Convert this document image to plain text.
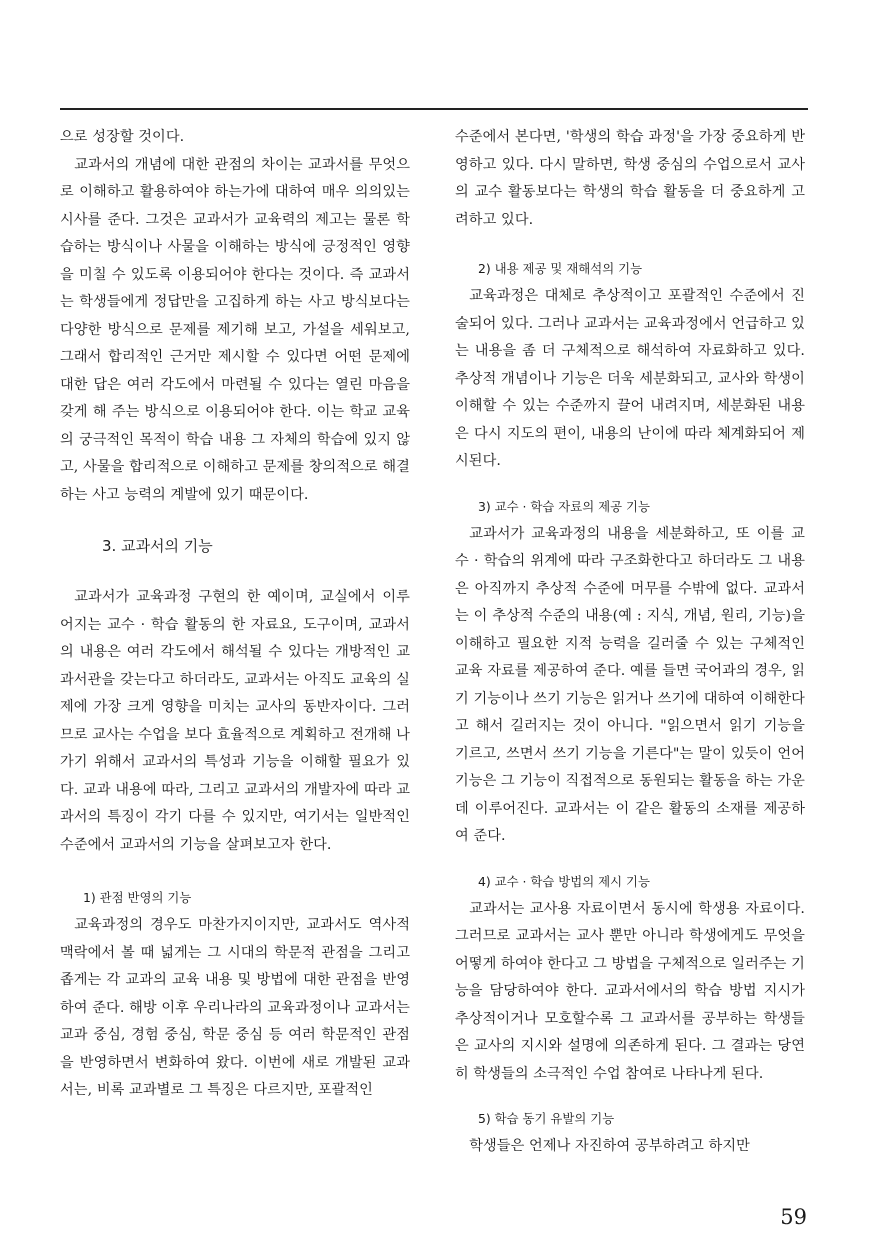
으로 성장할 것이다.

교과서의 개념에 대한 관점의 차이는 교과서를 무엇으로 이해하고 활용하여야 하는가에 대하여 매우 의의있는 시사를 준다. 그것은 교과서가 교육력의 제고는 물론 학습하는 방식이나 사물을 이해하는 방식에 긍정적인 영향을 미칠 수 있도록 이용되어야 한다는 것이다. 즉 교과서는 학생들에게 정답만을 고집하게 하는 사고 방식보다는 다양한 방식으로 문제를 제기해 보고, 가설을 세워보고, 그래서 합리적인 근거만 제시할 수 있다면 어떤 문제에 대한 답은 여러 각도에서 마련될 수 있다는 열린 마음을 갖게 해 주는 방식으로 이용되어야 한다. 이는 학교 교육의 궁극적인 목적이 학습 내용 그 자체의 학습에 있지 않고, 사물을 합리적으로 이해하고 문제를 창의적으로 해결하는 사고 능력의 계발에 있기 때문이다.

3. 교과서의 기능

교과서가 교육과정 구현의 한 예이며, 교실에서 이루어지는 교수 · 학습 활동의 한 자료요, 도구이며, 교과서의 내용은 여러 각도에서 해석될 수 있다는 개방적인 교과서관을 갖는다고 하더라도, 교과서는 아직도 교육의 실제에 가장 크게 영향을 미치는 교사의 동반자이다. 그러므로 교사는 수업을 보다 효율적으로 계획하고 전개해 나가기 위해서 교과서의 특성과 기능을 이해할 필요가 있다. 교과 내용에 따라, 그리고 교과서의 개발자에 따라 교과서의 특징이 각기 다를 수 있지만, 여기서는 일반적인 수준에서 교과서의 기능을 살펴보고자 한다.

1) 관점 반영의 기능

교육과정의 경우도 마찬가지이지만, 교과서도 역사적 맥락에서 볼 때 넓게는 그 시대의 학문적 관점을 그리고 좁게는 각 교과의 교육 내용 및 방법에 대한 관점을 반영하여 준다. 해방 이후 우리나라의 교육과정이나 교과서는 교과 중심, 경험 중심, 학문 중심 등 여러 학문적인 관점을 반영하면서 변화하여 왔다. 이번에 새로 개발된 교과서는, 비록 교과별로 그 특징은 다르지만, 포괄적인

수준에서 본다면, '학생의 학습 과정'을 가장 중요하게 반영하고 있다. 다시 말하면, 학생 중심의 수업으로서 교사의 교수 활동보다는 학생의 학습 활동을 더 중요하게 고려하고 있다.

2) 내용 제공 및 재해석의 기능

교육과정은 대체로 추상적이고 포괄적인 수준에서 진술되어 있다. 그러나 교과서는 교육과정에서 언급하고 있는 내용을 좀 더 구체적으로 해석하여 자료화하고 있다. 추상적 개념이나 기능은 더욱 세분화되고, 교사와 학생이 이해할 수 있는 수준까지 끌어 내려지며, 세분화된 내용은 다시 지도의 편이, 내용의 난이에 따라 체계화되어 제시된다.

3) 교수 · 학습 자료의 제공 기능

교과서가 교육과정의 내용을 세분화하고, 또 이를 교수 · 학습의 위계에 따라 구조화한다고 하더라도 그 내용은 아직까지 추상적 수준에 머무를 수밖에 없다. 교과서는 이 추상적 수준의 내용(예 : 지식, 개념, 원리, 기능)을 이해하고 필요한 지적 능력을 길러줄 수 있는 구체적인 교육 자료를 제공하여 준다. 예를 들면 국어과의 경우, 읽기 기능이나 쓰기 기능은 읽거나 쓰기에 대하여 이해한다고 해서 길러지는 것이 아니다. "읽으면서 읽기 기능을 기르고, 쓰면서 쓰기 기능을 기른다"는 말이 있듯이 언어 기능은 그 기능이 직접적으로 동원되는 활동을 하는 가운데 이루어진다. 교과서는 이 같은 활동의 소재를 제공하여 준다.

4) 교수 · 학습 방법의 제시 기능

교과서는 교사용 자료이면서 동시에 학생용 자료이다. 그러므로 교과서는 교사 뿐만 아니라 학생에게도 무엇을 어떻게 하여야 한다고 그 방법을 구체적으로 일러주는 기능을 담당하여야 한다. 교과서에서의 학습 방법 지시가 추상적이거나 모호할수록 그 교과서를 공부하는 학생들은 교사의 지시와 설명에 의존하게 된다. 그 결과는 당연히 학생들의 소극적인 수업 참여로 나타나게 된다.

5) 학습 동기 유발의 기능

학생들은 언제나 자진하여 공부하려고 하지만

59
